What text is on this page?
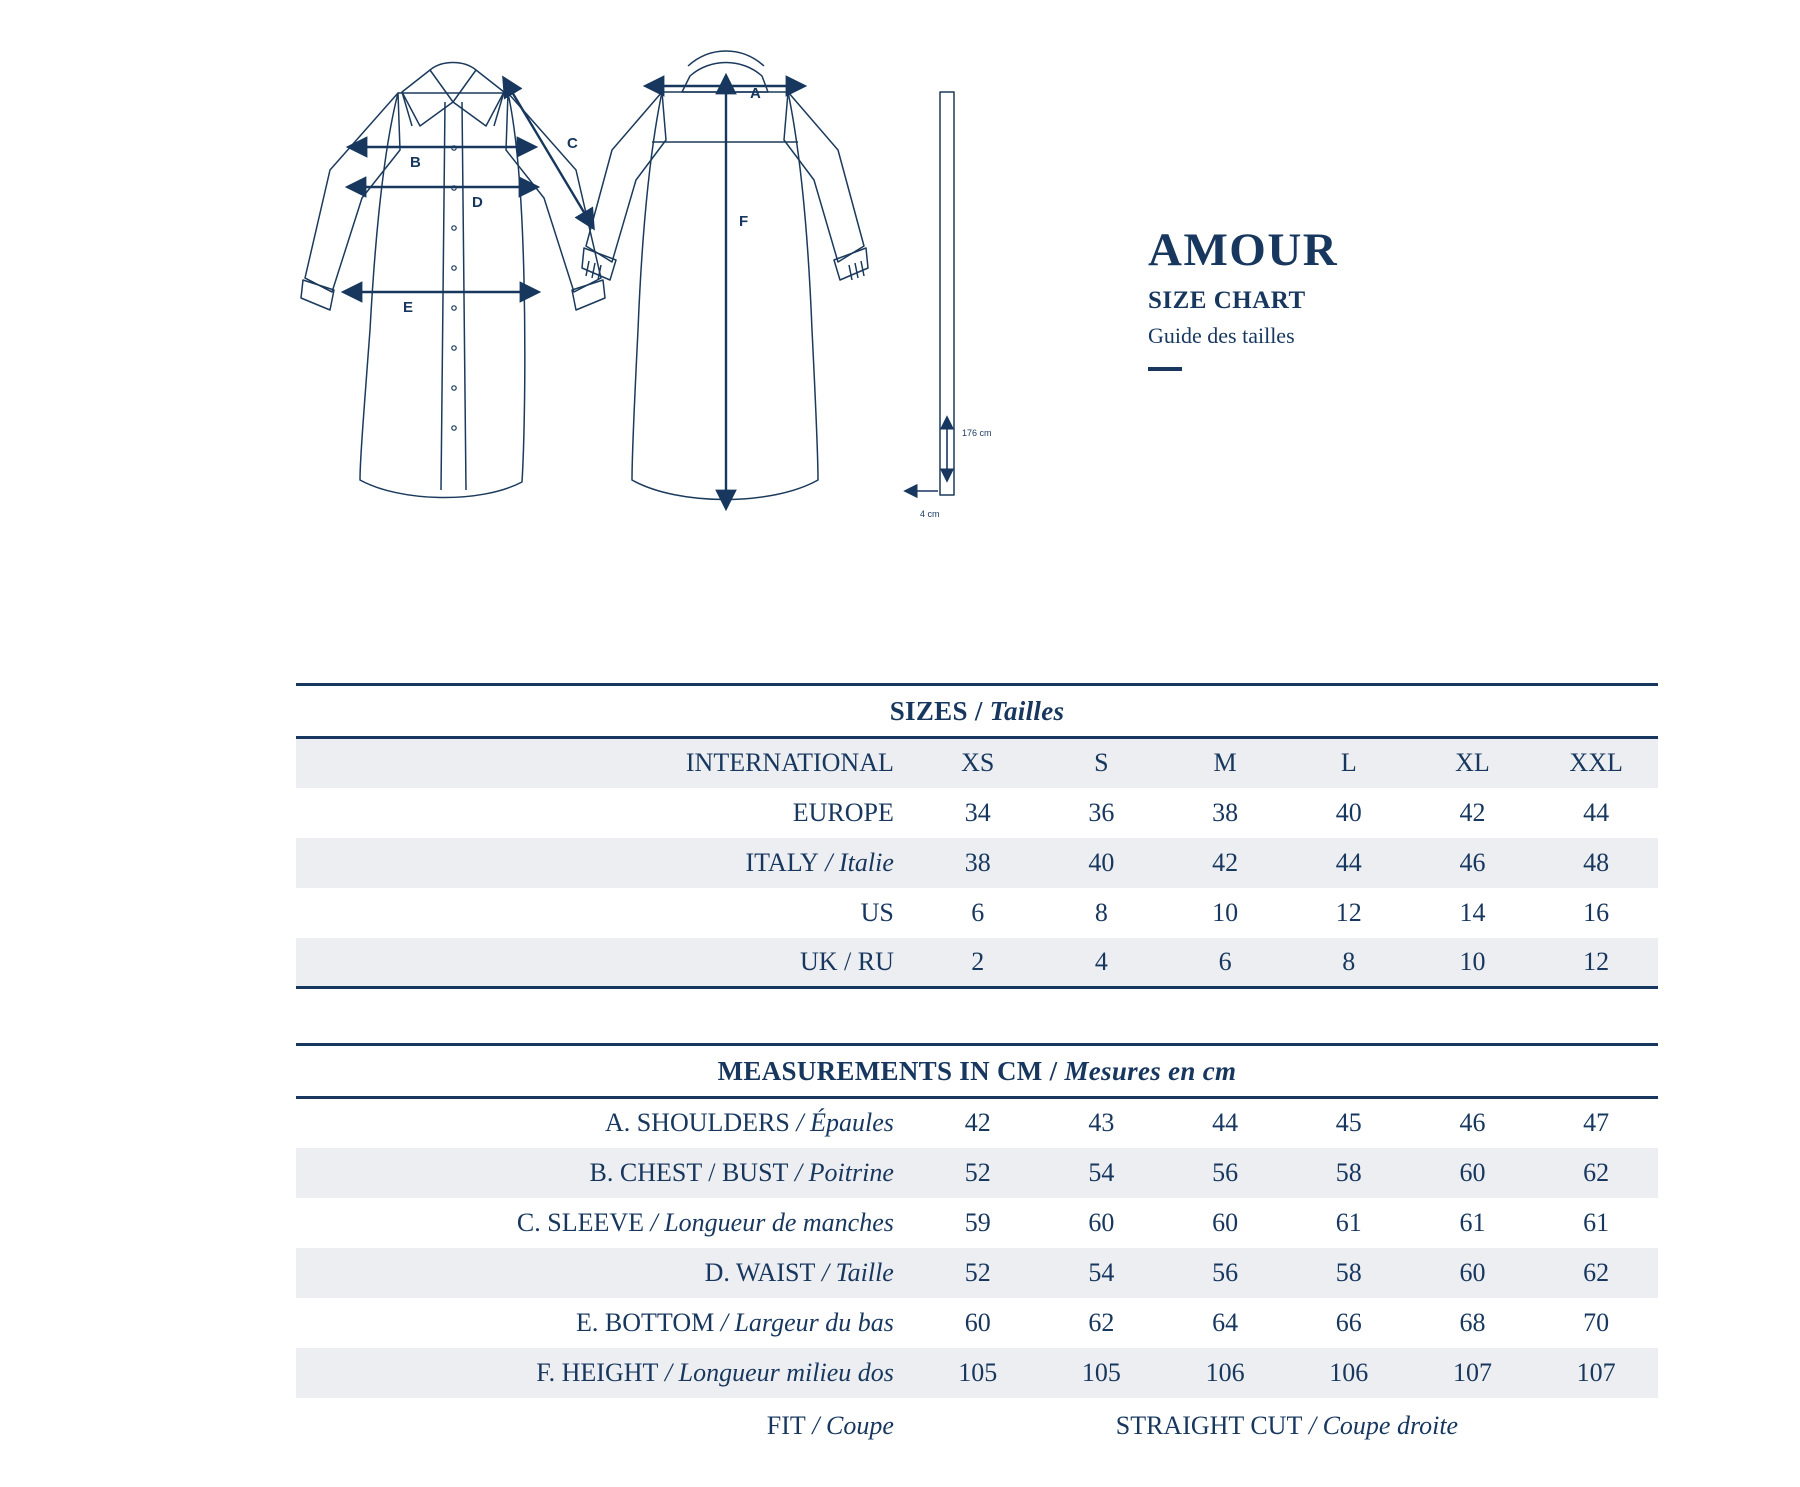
B
D
E
C
A
F
176 cm
4 cm
AMOUR
SIZE CHART
Guide des tailles
SIZES / Tailles						
INTERNATIONAL	XS	S	M	L	XL	XXL
EUROPE	34	36	38	40	42	44
ITALY / Italie	38	40	42	44	46	48
US	6	8	10	12	14	16
UK / RU	2	4	6	8	10	12
MEASUREMENTS IN CM / Mesures en cm						
A. SHOULDERS / Épaules	42	43	44	45	46	47
B. CHEST / BUST / Poitrine	52	54	56	58	60	62
C. SLEEVE / Longueur de manches	59	60	60	61	61	61
D. WAIST / Taille	52	54	56	58	60	62
E. BOTTOM / Largeur du bas	60	62	64	66	68	70
F. HEIGHT / Longueur milieu dos	105	105	106	106	107	107
FIT / Coupe	STRAIGHT CUT / Coupe droite					
